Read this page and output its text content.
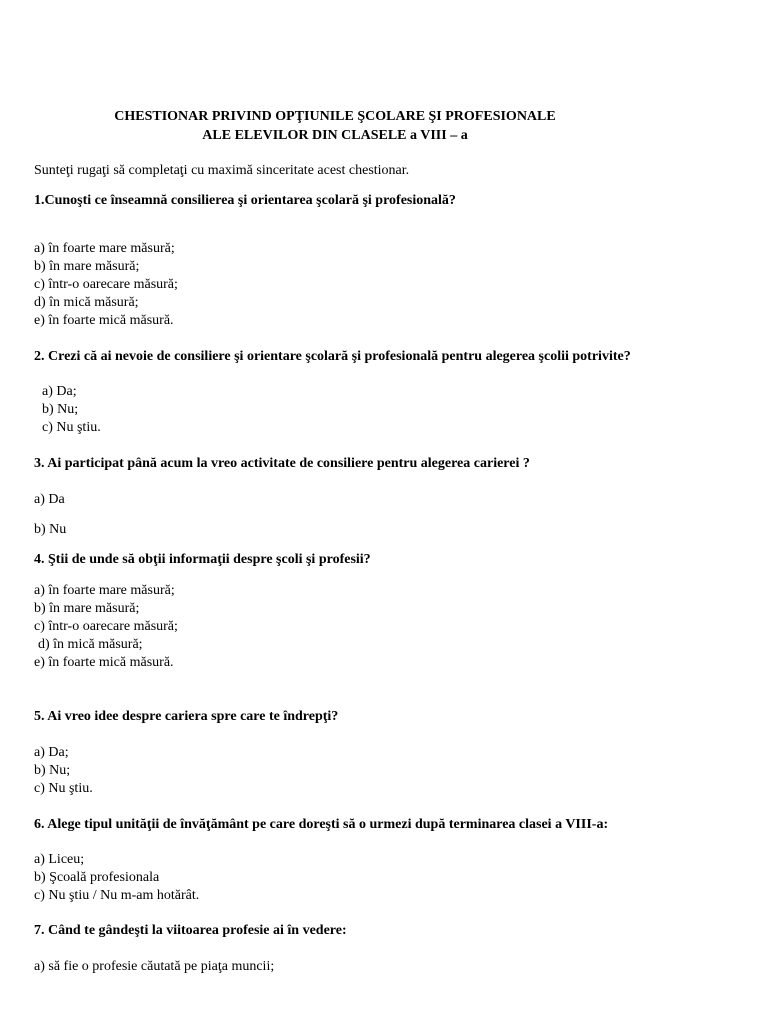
CHESTIONAR PRIVIND OPŢIUNILE ŞCOLARE ŞI PROFESIONALE
ALE ELEVILOR DIN CLASELE a VIII – a
Sunteţi rugaţi să completaţi cu maximă sinceritate acest chestionar.
1.Cunoşti ce înseamnă consilierea şi orientarea şcolară şi profesională?
a) în foarte mare măsură;
b) în mare măsură;
c) într-o oarecare măsură;
d) în mică măsură;
e) în foarte mică măsură.
2. Crezi că ai nevoie de consiliere şi orientare şcolară şi profesională pentru alegerea şcolii potrivite?
a) Da;
b) Nu;
c) Nu ştiu.
3. Ai participat până acum la vreo activitate de consiliere pentru alegerea carierei ?
a) Da
b) Nu
4. Ştii de unde să obţii informaţii despre şcoli şi profesii?
a) în foarte mare măsură;
b) în mare măsură;
c) într-o oarecare măsură;
d) în mică măsură;
e) în foarte mică măsură.
5. Ai vreo idee despre cariera spre care te îndrepţi?
a) Da;
b) Nu;
c) Nu ştiu.
6. Alege tipul unităţii de învăţământ pe care doreşti să o urmezi după terminarea clasei a VIII-a:
a) Liceu;
b) Şcoală profesionala
c) Nu ştiu / Nu m-am hotărât.
7. Când te gândeşti la viitoarea profesie ai în vedere:
a) să fie o profesie căutată pe piaţa muncii;
